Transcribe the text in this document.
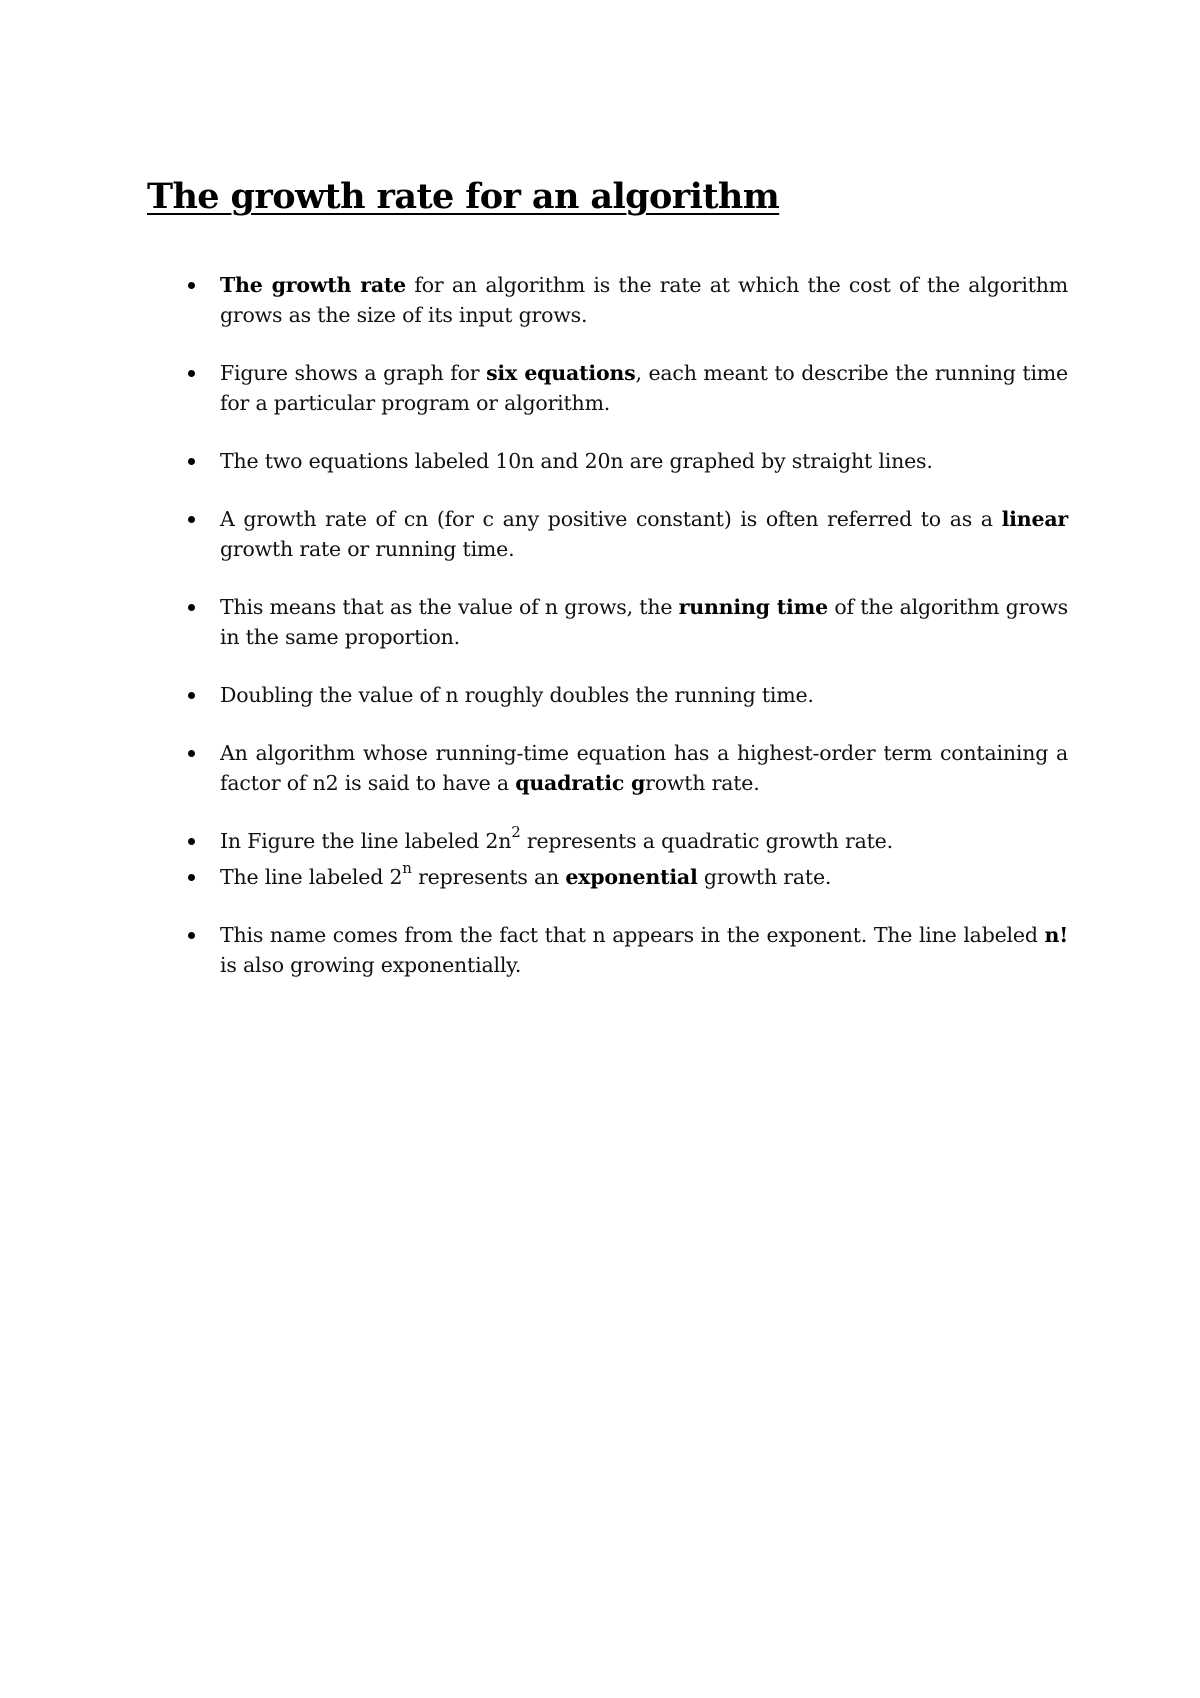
The growth rate for an algorithm
The growth rate for an algorithm is the rate at which the cost of the algorithm grows as the size of its input grows.
Figure shows a graph for six equations, each meant to describe the running time for a particular program or algorithm.
The two equations labeled 10n and 20n are graphed by straight lines.
A growth rate of cn (for c any positive constant) is often referred to as a linear growth rate or running time.
This means that as the value of n grows, the running time of the algorithm grows in the same proportion.
Doubling the value of n roughly doubles the running time.
An algorithm whose running-time equation has a highest-order term containing a factor of n2 is said to have a quadratic growth rate.
In Figure the line labeled $2n^2$ represents a quadratic growth rate.
The line labeled 2$^n$ represents an exponential growth rate.
This name comes from the fact that n appears in the exponent. The line labeled n! is also growing exponentially.
